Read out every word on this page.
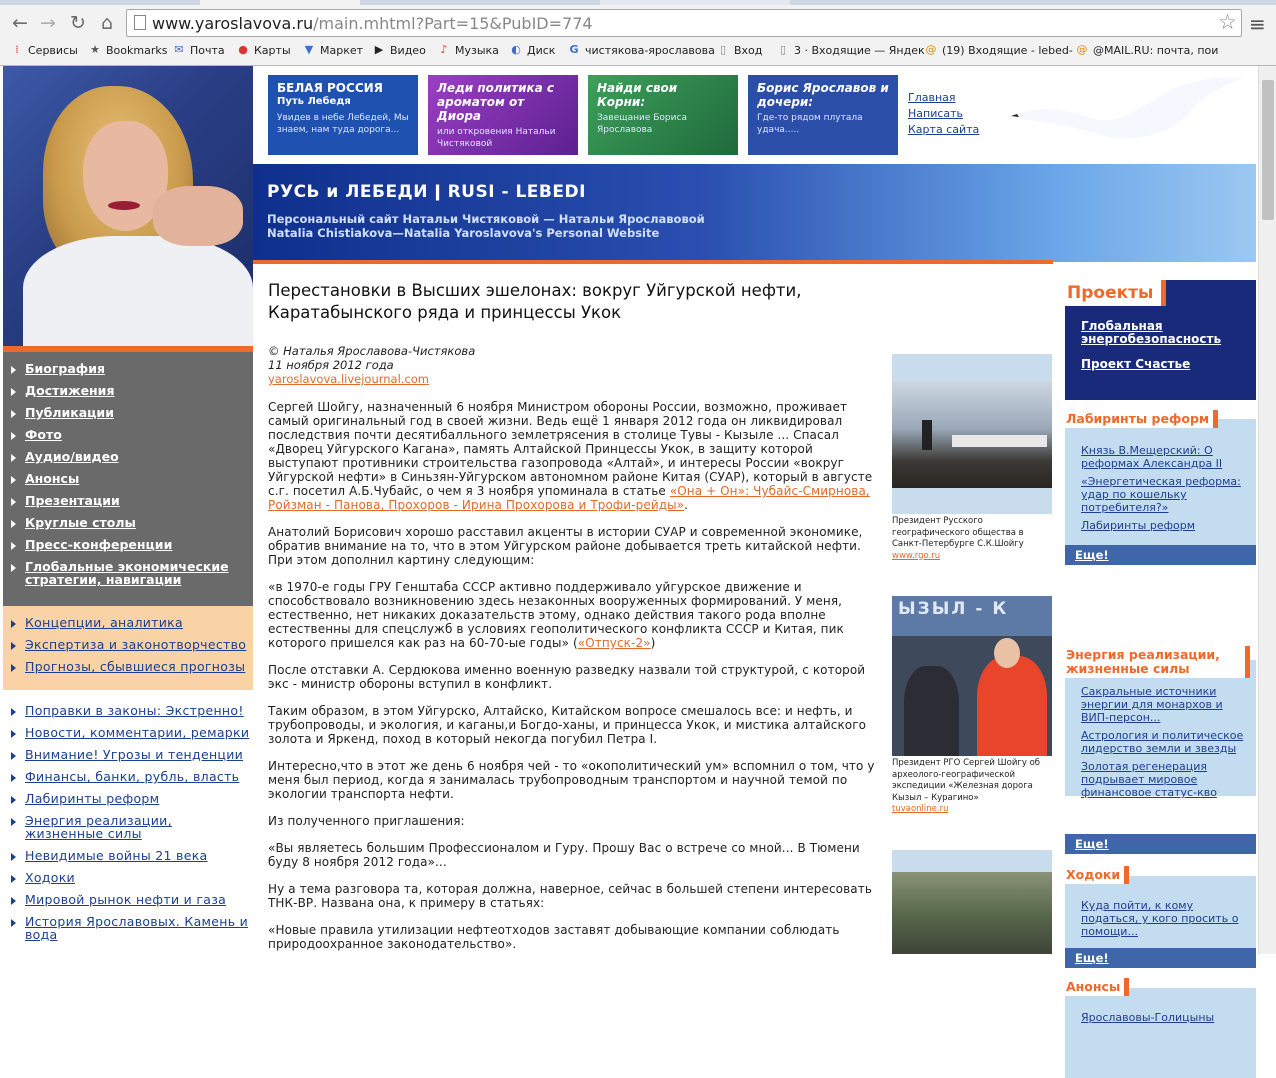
← → ↻ ⌂	www.yaroslavova.ru/main.mhtml?Part=15&PubID=774	☆ ≡
⁞ Сервисы ★ Bookmarks ✉ Почта ● Карты ▼ Маркет ▶ Видео	♪ Музыка ◐ Диск G чистякова-ярославова ▯ Вход	▯ 3 · Входящие — Яндек @ (19) Входящие - lebed- @ @MAIL.RU: почта, пои
Биография
Достижения
Публикации
Фото
Аудио/видео
Анонсы
Презентации
Круглые столы
Пресс-конференции
Глобальные экономические стратегии, навигации
Концепции, аналитика
Экспертиза и законотворчество
Прогнозы, сбывшиеся прогнозы
Поправки в законы: Экстренно!
Новости, комментарии, ремарки
Внимание! Угрозы и тенденции
Финансы, банки, рубль, власть
Лабиринты реформ
Энергия реализации, жизненные силы
Невидимые войны 21 века
Ходоки
Мировой рынок нефти и газа
История Ярославовых. Камень и вода
БЕЛАЯ РОССИЯ
Путь Лебедя
Увидев в небе Лебедей, Мы знаем, нам туда дорога...
Леди политика с ароматом от Диора
или откровения Натальи Чистяковой
Найди свои Корни:
Завещание Бориса Ярославова
Борис Ярославов и дочери:
Где-то рядом плутала удача.....
Главная
Написать
Карта сайта
РУСЬ и ЛЕБЕДИ ǀ RUSI - LEBEDI
Персональный сайт Натальи Чистяковой — Натальи Ярославовой
Natalia Chistiakova—Natalia Yaroslavova's Personal Website
Перестановки в Высших эшелонах: вокруг Уйгурской нефти, Каратабынского ряда и принцессы Укок
© Наталья Ярославова-Чистякова
11 ноября 2012 года
yaroslavova.livejournal.com

Сергей Шойгу, назначенный 6 ноября Министром обороны России, возможно, проживает самый оригинальный год в своей жизни. Ведь ещё 1 января 2012 года он ликвидировал последствия почти десятибалльного землетрясения в столице Тувы - Кызыле ... Спасал «Дворец Уйгурского Кагана», память Алтайской Принцессы Укок, в защиту которой выступают противники строительства газопровода «Алтай», и интересы России «вокруг Уйгурской нефти» в Синьзян-Уйгурском автономном районе Китая (СУАР), который в августе с.г. посетил А.Б.Чубайс, о чем я 3 ноября упоминала в статье «Она + Он»: Чубайс-Смирнова, Ройзман - Панова, Прохоров - Ирина Прохорова и Трофи-рейды».

Анатолий Борисович хорошо расставил акценты в истории СУАР и современной экономике, обратив внимание на то, что в этом Уйгурском районе добывается треть китайской нефти. При этом дополнил картину следующим:

«в 1970-е годы ГРУ Генштаба СССР активно поддерживало уйгурское движение и способствовало возникновению здесь незаконных вооруженных формирований. У меня, естественно, нет никаких доказательств этому, однако действия такого рода вполне естественны для спецслужб в условиях геополитического конфликта СССР и Китая, пик которого пришелся как раз на 60-70-ые годы» («Отпуск-2»)

После отставки А. Сердюкова именно военную разведку назвали той структурой, с которой экс - министр обороны вступил в конфликт.

Таким образом, в этом Уйгурско, Алтайско, Китайском вопросе смешалось все: и нефть, и трубопроводы, и экология, и каганы,и Богдо-ханы, и принцесса Укок, и мистика алтайского золота и Яркенд, поход в который некогда погубил Петра I.

Интересно,что в этот же день 6 ноября чей - то «окополитический ум» вспомнил о том, что у меня был период, когда я занималась трубопроводным транспортом и научной темой по экологии транспорта нефти.

Из полученного приглашения:

«Вы являетесь большим Профессионалом и Гуру. Прошу Вас о встрече со мной... В Тюмени буду 8 ноября 2012 года»...

Ну а тема разговора та, которая должна, наверное, сейчас в большей степени интересовать ТНК-ВР. Названа она, к примеру в статьях:

«Новые правила утилизации нефтеотходов заставят добывающие компании соблюдать природоохранное законодательство».

Президент Русского географического общества в Санкт-Петербурге С.К.Шойгу
www.rgo.ru
ЫЗЫЛ - К
Президент РГО Сергей Шойгу об археолого-географической экспедиции «Железная дорога Кызыл – Курагино»
tuvaonline.ru
Проекты
Глобальная энергобезопасность
Проект Счастье
Князь В.Мещерский: О реформах Александра II
«Энергетическая реформа: удар по кошельку потребителя?»
Лабиринты реформ
Лабиринты реформ
Еще!
Сакральные источники энергии для монархов и ВИП-персон...
Астрология и политическое лидерство земли и звезды
Золотая регенерация подрывает мировое финансовое статус-кво
Энергия реализации, жизненные силы
Еще!
Куда пойти, к кому податься, у кого просить о помощи...
Ходоки
Еще!
Ярославовы-Голицыны
Анонсы
